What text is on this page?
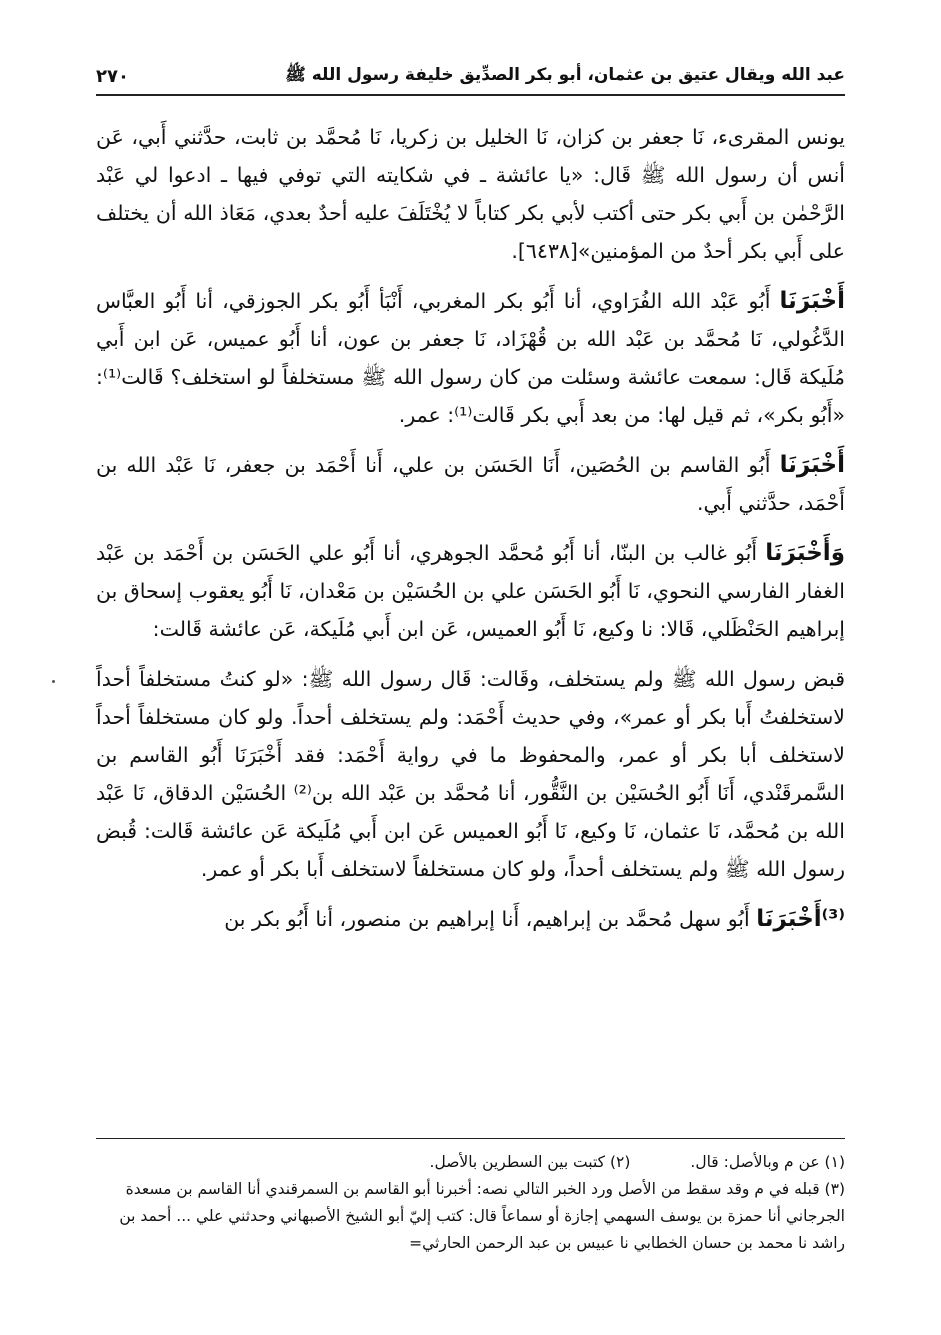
عبد الله ويقال عتيق بن عثمان، أبو بكر الصدِّيق خليفة رسول الله ﷺ
٢٧٠

يونس المقرىء، نَا جعفر بن كزان، نَا الخليل بن زكريا، نَا مُحمَّد بن ثابت، حدَّثني أَبي، عَن أنس أن رسول الله ﷺ قَال: «يا عائشة ـ في شكايته التي توفي فيها ـ ادعوا لي عَبْد الرَّحْمٰن بن أَبي بكر حتى أكتب لأبي بكر كتاباً لا يُخْتَلَفَ عليه أحدٌ بعدي، مَعَاذ الله أن يختلف على أَبي بكر أحدٌ من المؤمنين»[٦٤٣٨].

أَخْبَرَنَا أَبُو عَبْد الله الفُرَاوي، أنا أَبُو بكر المغربي، أَنْبَأ أَبُو بكر الجوزقي، أنا أَبُو العبَّاس الدَّغُولي، نَا مُحمَّد بن عَبْد الله بن قُهْزَاد، نَا جعفر بن عون، أنا أَبُو عميس، عَن ابن أَبي مُلَيكة قَال: سمعت عائشة وسئلت من كان رسول الله ﷺ مستخلفاً لو استخلف؟ قَالت⁽¹⁾: «أَبُو بكر»، ثم قيل لها: من بعد أَبي بكر قَالت⁽¹⁾: عمر.

أَخْبَرَنَا أَبُو القاسم بن الحُصَين، أَنَا الحَسَن بن علي، أَنا أَحْمَد بن جعفر، نَا عَبْد الله بن أَحْمَد، حدَّثني أَبي.

وَأَخْبَرَنَا أَبُو غالب بن البنّا، أنا أَبُو مُحمَّد الجوهري، أنا أَبُو علي الحَسَن بن أَحْمَد بن عَبْد الغفار الفارسي النحوي، نَا أَبُو الحَسَن علي بن الحُسَيْن بن مَعْدان، نَا أَبُو يعقوب إسحاق بن إبراهيم الحَنْظَلي، قَالا: نا وكيع، نَا أَبُو العميس، عَن ابن أَبي مُلَيكة، عَن عائشة قَالت:

قبض رسول الله ﷺ ولم يستخلف، وقَالت: قَال رسول الله ﷺ: «لو كنتُ مستخلفاً أحداً لاستخلفتُ أَبا بكر أو عمر»، وفي حديث أَحْمَد: ولم يستخلف أحداً. ولو كان مستخلفاً أحداً لاستخلف أبا بكر أو عمر، والمحفوظ ما في رواية أَحْمَد: فقد أَخْبَرَنَا أَبُو القاسم بن السَّمرقَنْدي، أَنَا أَبُو الحُسَيْن بن النَّقُّور، أنا مُحمَّد بن عَبْد الله بن⁽²⁾ الحُسَيْن الدقاق، نَا عَبْد الله بن مُحمَّد، نَا عثمان، نَا وكيع، نَا أَبُو العميس عَن ابن أَبي مُلَيكة عَن عائشة قَالت: قُبض رسول الله ﷺ ولم يستخلف أحداً، ولو كان مستخلفاً لاستخلف أَبا بكر أو عمر.

⁽³⁾أَخْبَرَنَا أَبُو سهل مُحمَّد بن إبراهيم، أَنا إبراهيم بن منصور، أنا أَبُو بكر بن

(١) عن م وبالأصل: قال.

(٢) كتبت بين السطرين بالأصل.

(٣) قبله في م وقد سقط من الأصل ورد الخبر التالي نصه: أخبرنا أبو القاسم بن السمرقندي أنا القاسم بن مسعدة الجرجاني أنا حمزة بن يوسف السهمي إجازة أو سماعاً قال: كتب إليّ أبو الشيخ الأصبهاني وحدثني علي ... أحمد بن راشد نا محمد بن حسان الخطابي نا عبيس بن عبد الرحمن الحارثي=
